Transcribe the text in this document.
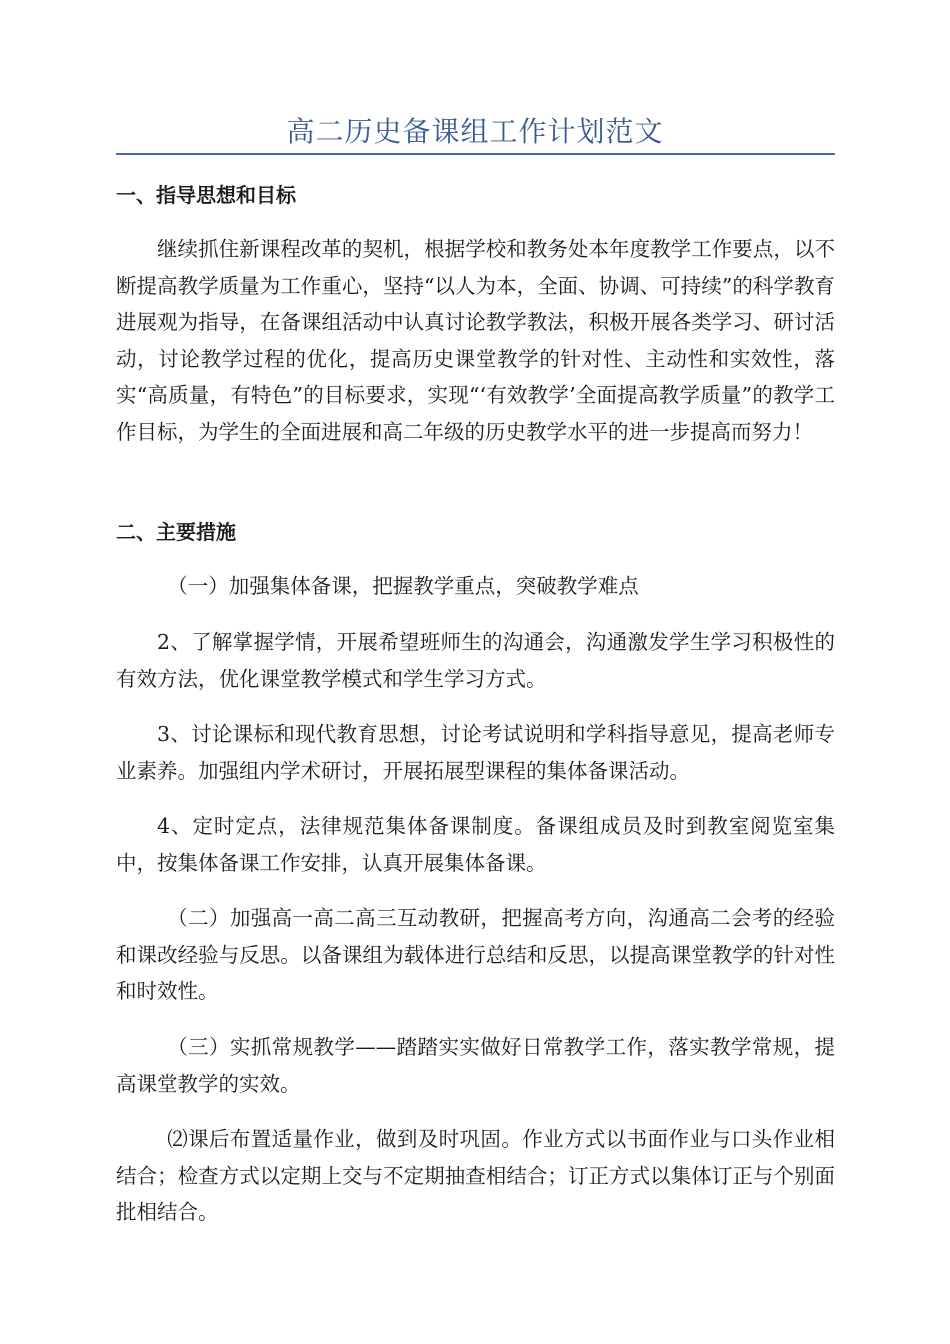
高二历史备课组工作计划范文
一、指导思想和目标
继续抓住新课程改革的契机，根据学校和教务处本年度教学工作要点，以不断提高教学质量为工作重心，坚持“以人为本，全面、协调、可持续”的科学教育进展观为指导，在备课组活动中认真讨论教学教法，积极开展各类学习、研讨活动，讨论教学过程的优化，提高历史课堂教学的针对性、主动性和实效性，落实“高质量，有特色”的目标要求，实现“‘有效教学’全面提高教学质量”的教学工作目标，为学生的全面进展和高二年级的历史教学水平的进一步提高而努力！
二、主要措施
（一）加强集体备课，把握教学重点，突破教学难点
2、了解掌握学情，开展希望班师生的沟通会，沟通激发学生学习积极性的有效方法，优化课堂教学模式和学生学习方式。
3、讨论课标和现代教育思想，讨论考试说明和学科指导意见，提高老师专业素养。加强组内学术研讨，开展拓展型课程的集体备课活动。
4、定时定点，法律规范集体备课制度。备课组成员及时到教室阅览室集中，按集体备课工作安排，认真开展集体备课。
（二）加强高一高二高三互动教研，把握高考方向，沟通高二会考的经验和课改经验与反思。以备课组为载体进行总结和反思，以提高课堂教学的针对性和时效性。
（三）实抓常规教学——踏踏实实做好日常教学工作，落实教学常规，提高课堂教学的实效。
⑵课后布置适量作业，做到及时巩固。作业方式以书面作业与口头作业相结合；检查方式以定期上交与不定期抽查相结合；订正方式以集体订正与个别面批相结合。
